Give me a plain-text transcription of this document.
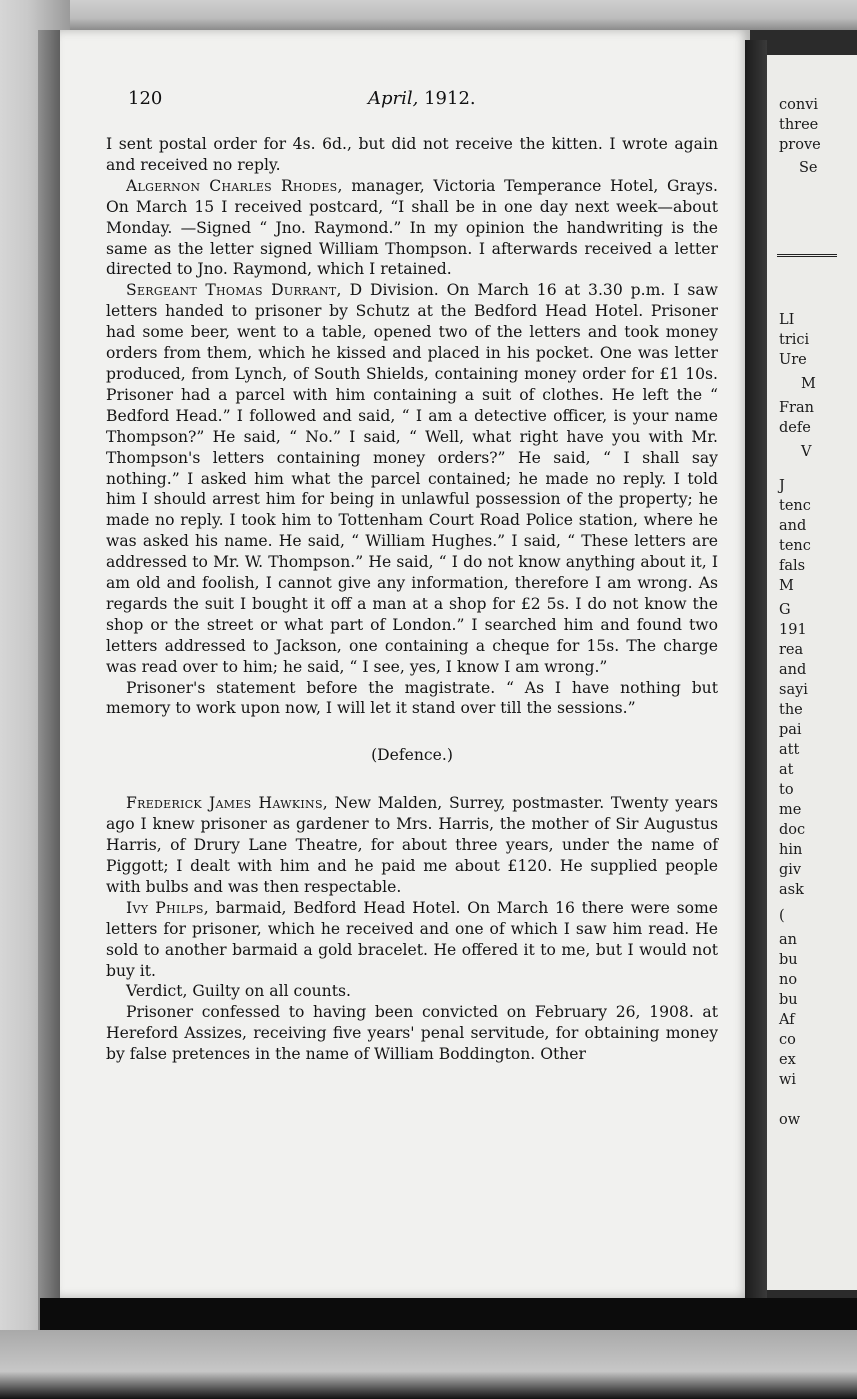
convi
three
prove
Se
LI
trici
Ure
M
Fran
defe
V
J
tenc
and
tenc
fals
M
G
191
rea
and
sayi
the
pai
att
at
to
me
doc
hin
giv
ask
(
an
bu
no
bu
Af
co
ex
wi
ow
120	April, 1912.

I sent postal order for 4s. 6d., but did not receive the kitten. I wrote again and received no reply.

Algernon Charles Rhodes, manager, Victoria Temperance Hotel, Grays. On March 15 I received postcard, “I shall be in one day next week—about Monday. —Signed “ Jno. Raymond.” In my opinion the handwriting is the same as the letter signed William Thompson. I afterwards received a letter directed to Jno. Raymond, which I retained.

Sergeant Thomas Durrant, D Division. On March 16 at 3.30 p.m. I saw letters handed to prisoner by Schutz at the Bedford Head Hotel. Prisoner had some beer, went to a table, opened two of the letters and took money orders from them, which he kissed and placed in his pocket. One was letter produced, from Lynch, of South Shields, containing money order for £1 10s. Prisoner had a parcel with him containing a suit of clothes. He left the “ Bedford Head.” I followed and said, “ I am a detective officer, is your name Thompson?” He said, “ No.” I said, “ Well, what right have you with Mr. Thompson's letters containing money orders?” He said, “ I shall say nothing.” I asked him what the parcel contained; he made no reply. I told him I should arrest him for being in unlawful possession of the property; he made no reply. I took him to Tottenham Court Road Police station, where he was asked his name. He said, “ William Hughes.” I said, “ These letters are addressed to Mr. W. Thompson.” He said, “ I do not know anything about it, I am old and foolish, I cannot give any information, therefore I am wrong. As regards the suit I bought it off a man at a shop for £2 5s. I do not know the shop or the street or what part of London.” I searched him and found two letters addressed to Jackson, one containing a cheque for 15s. The charge was read over to him; he said, “ I see, yes, I know I am wrong.”

Prisoner's statement before the magistrate. “ As I have nothing but memory to work upon now, I will let it stand over till the sessions.”

(Defence.)

Frederick James Hawkins, New Malden, Surrey, postmaster. Twenty years ago I knew prisoner as gardener to Mrs. Harris, the mother of Sir Augustus Harris, of Drury Lane Theatre, for about three years, under the name of Piggott; I dealt with him and he paid me about £120. He supplied people with bulbs and was then respectable.

Ivy Philps, barmaid, Bedford Head Hotel. On March 16 there were some letters for prisoner, which he received and one of which I saw him read. He sold to another barmaid a gold bracelet. He offered it to me, but I would not buy it.

Verdict, Guilty on all counts.

Prisoner confessed to having been convicted on February 26, 1908. at Hereford Assizes, receiving five years' penal servitude, for obtaining money by false pretences in the name of William Boddington. Other
